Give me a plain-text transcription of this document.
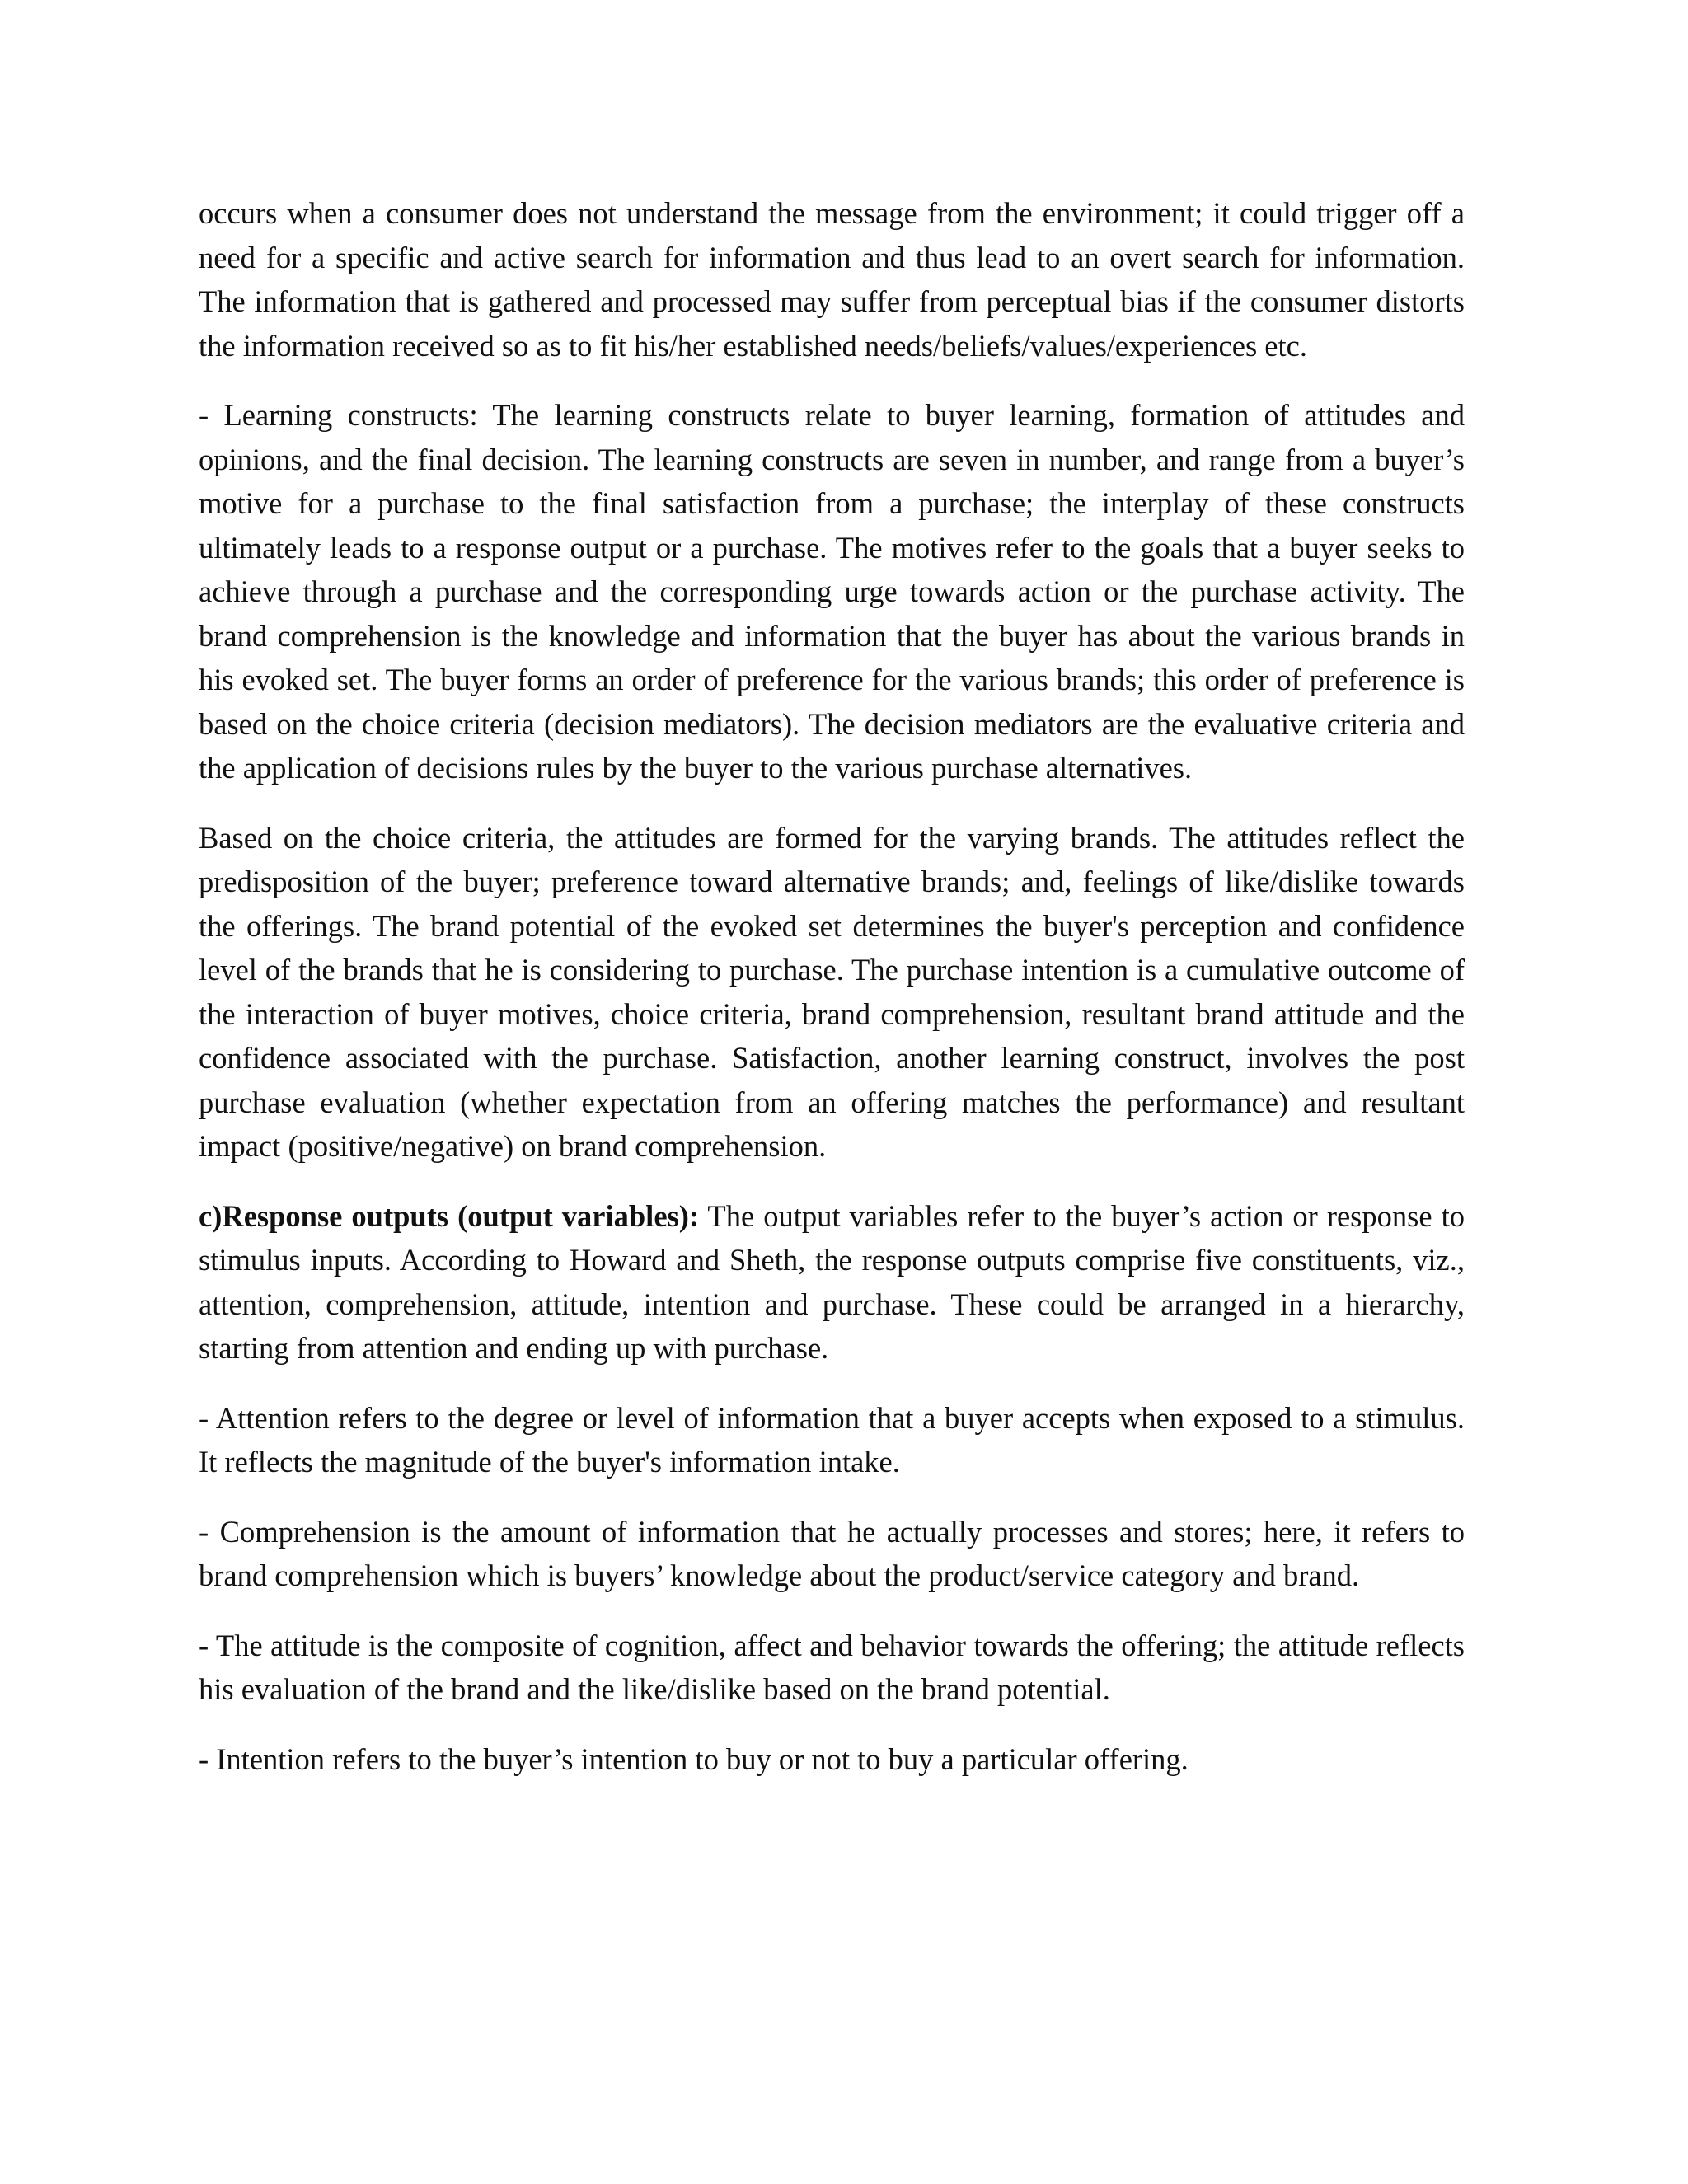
occurs when a consumer does not understand the message from the environment; it could trigger off a need for a specific and active search for information and thus lead to an overt search for information. The information that is gathered and processed may suffer from perceptual bias if the consumer distorts the information received so as to fit his/her established needs/beliefs/values/experiences etc.

- Learning constructs: The learning constructs relate to buyer learning, formation of attitudes and opinions, and the final decision. The learning constructs are seven in number, and range from a buyer’s motive for a purchase to the final satisfaction from a purchase; the interplay of these constructs ultimately leads to a response output or a purchase. The motives refer to the goals that a buyer seeks to achieve through a purchase and the corresponding urge towards action or the purchase activity. The brand comprehension is the knowledge and information that the buyer has about the various brands in his evoked set. The buyer forms an order of preference for the various brands; this order of preference is based on the choice criteria (decision mediators). The decision mediators are the evaluative criteria and the application of decisions rules by the buyer to the various purchase alternatives.

Based on the choice criteria, the attitudes are formed for the varying brands. The attitudes reflect the predisposition of the buyer; preference toward alternative brands; and, feelings of like/dislike towards the offerings. The brand potential of the evoked set determines the buyer's perception and confidence level of the brands that he is considering to purchase. The purchase intention is a cumulative outcome of the interaction of buyer motives, choice criteria, brand comprehension, resultant brand attitude and the confidence associated with the purchase. Satisfaction, another learning construct, involves the post purchase evaluation (whether expectation from an offering matches the performance) and resultant impact (positive/negative) on brand comprehension.

c)Response outputs (output variables): The output variables refer to the buyer’s action or response to stimulus inputs. According to Howard and Sheth, the response outputs comprise five constituents, viz., attention, comprehension, attitude, intention and purchase. These could be arranged in a hierarchy, starting from attention and ending up with purchase.

- Attention refers to the degree or level of information that a buyer accepts when exposed to a stimulus. It reflects the magnitude of the buyer's information intake.

- Comprehension is the amount of information that he actually processes and stores; here, it refers to brand comprehension which is buyers’ knowledge about the product/service category and brand.

- The attitude is the composite of cognition, affect and behavior towards the offering; the attitude reflects his evaluation of the brand and the like/dislike based on the brand potential.

- Intention refers to the buyer’s intention to buy or not to buy a particular offering.
